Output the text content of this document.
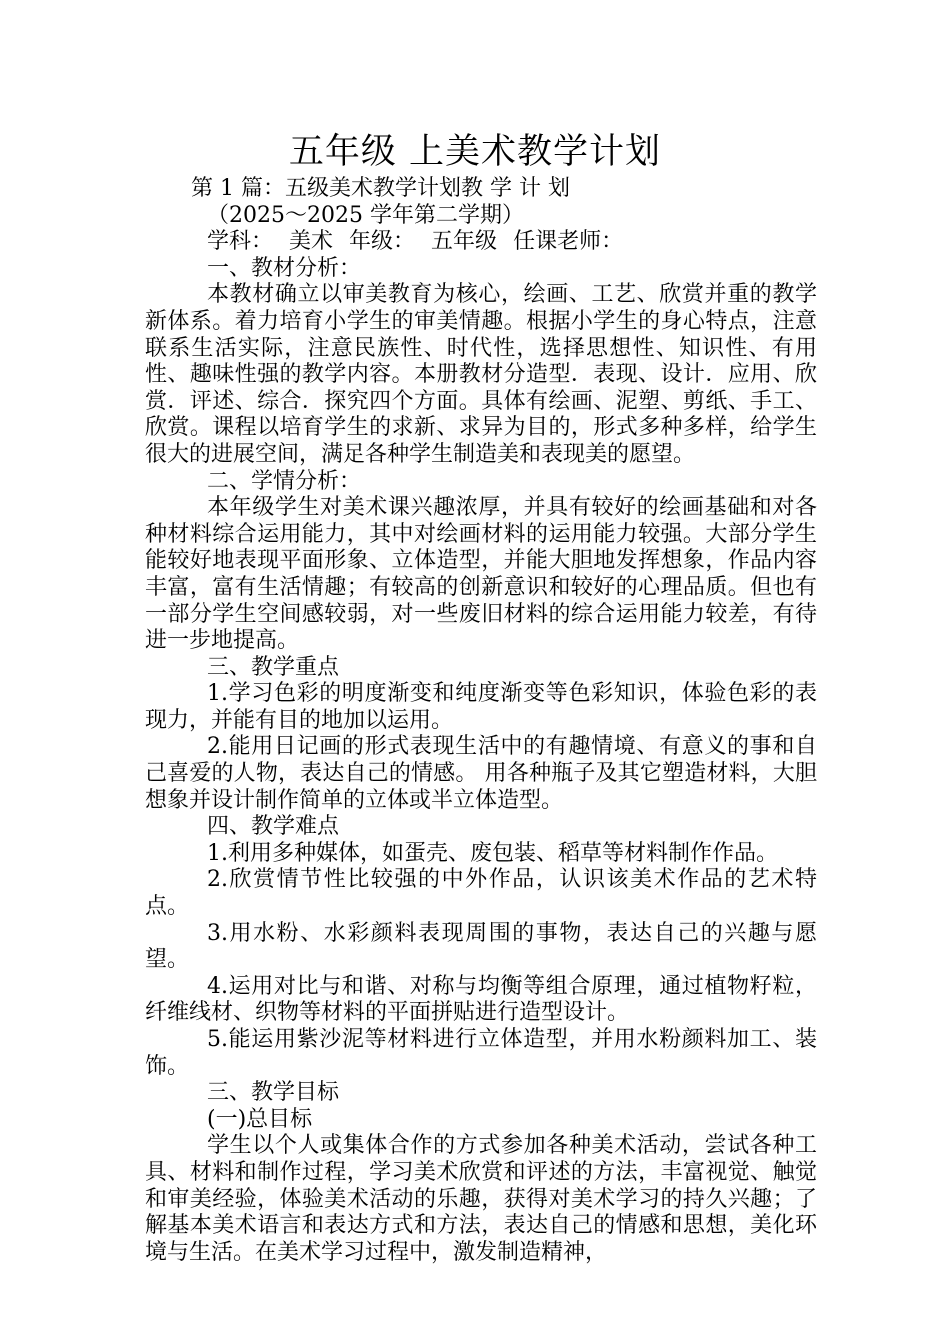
五年级 上美术教学计划

第 1 篇：五级美术教学计划教 学 计 划

（2025～2025 学年第二学期）

学科： 美术 年级： 五年级 任课老师：

一、教材分析：

本教材确立以审美教育为核心，绘画、工艺、欣赏并重的教学新体系。着力培育小学生的审美情趣。根据小学生的身心特点，注意联系生活实际，注意民族性、时代性，选择思想性、知识性、有用性、趣味性强的教学内容。本册教材分造型．表现、设计．应用、欣赏．评述、综合．探究四个方面。具体有绘画、泥塑、剪纸、手工、欣赏。课程以培育学生的求新、求异为目的，形式多种多样，给学生很大的进展空间，满足各种学生制造美和表现美的愿望。

二、学情分析：

本年级学生对美术课兴趣浓厚，并具有较好的绘画基础和对各种材料综合运用能力，其中对绘画材料的运用能力较强。大部分学生能较好地表现平面形象、立体造型，并能大胆地发挥想象，作品内容丰富，富有生活情趣；有较高的创新意识和较好的心理品质。但也有一部分学生空间感较弱，对一些废旧材料的综合运用能力较差，有待进一步地提高。

三、教学重点

1.学习色彩的明度渐变和纯度渐变等色彩知识，体验色彩的表现力，并能有目的地加以运用。

2.能用日记画的形式表现生活中的有趣情境、有意义的事和自己喜爱的人物，表达自己的情感。 用各种瓶子及其它塑造材料，大胆想象并设计制作简单的立体或半立体造型。

四、教学难点

1.利用多种媒体，如蛋壳、废包装、稻草等材料制作作品。

2.欣赏情节性比较强的中外作品，认识该美术作品的艺术特点。

3.用水粉、水彩颜料表现周围的事物，表达自己的兴趣与愿望。

4.运用对比与和谐、对称与均衡等组合原理，通过植物籽粒，纤维线材、织物等材料的平面拼贴进行造型设计。

5.能运用紫沙泥等材料进行立体造型，并用水粉颜料加工、装饰。

三、教学目标

(一)总目标

学生以个人或集体合作的方式参加各种美术活动，尝试各种工具、材料和制作过程，学习美术欣赏和评述的方法，丰富视觉、触觉和审美经验，体验美术活动的乐趣，获得对美术学习的持久兴趣；了解基本美术语言和表达方式和方法，表达自己的情感和思想，美化环境与生活。在美术学习过程中，激发制造精神，
